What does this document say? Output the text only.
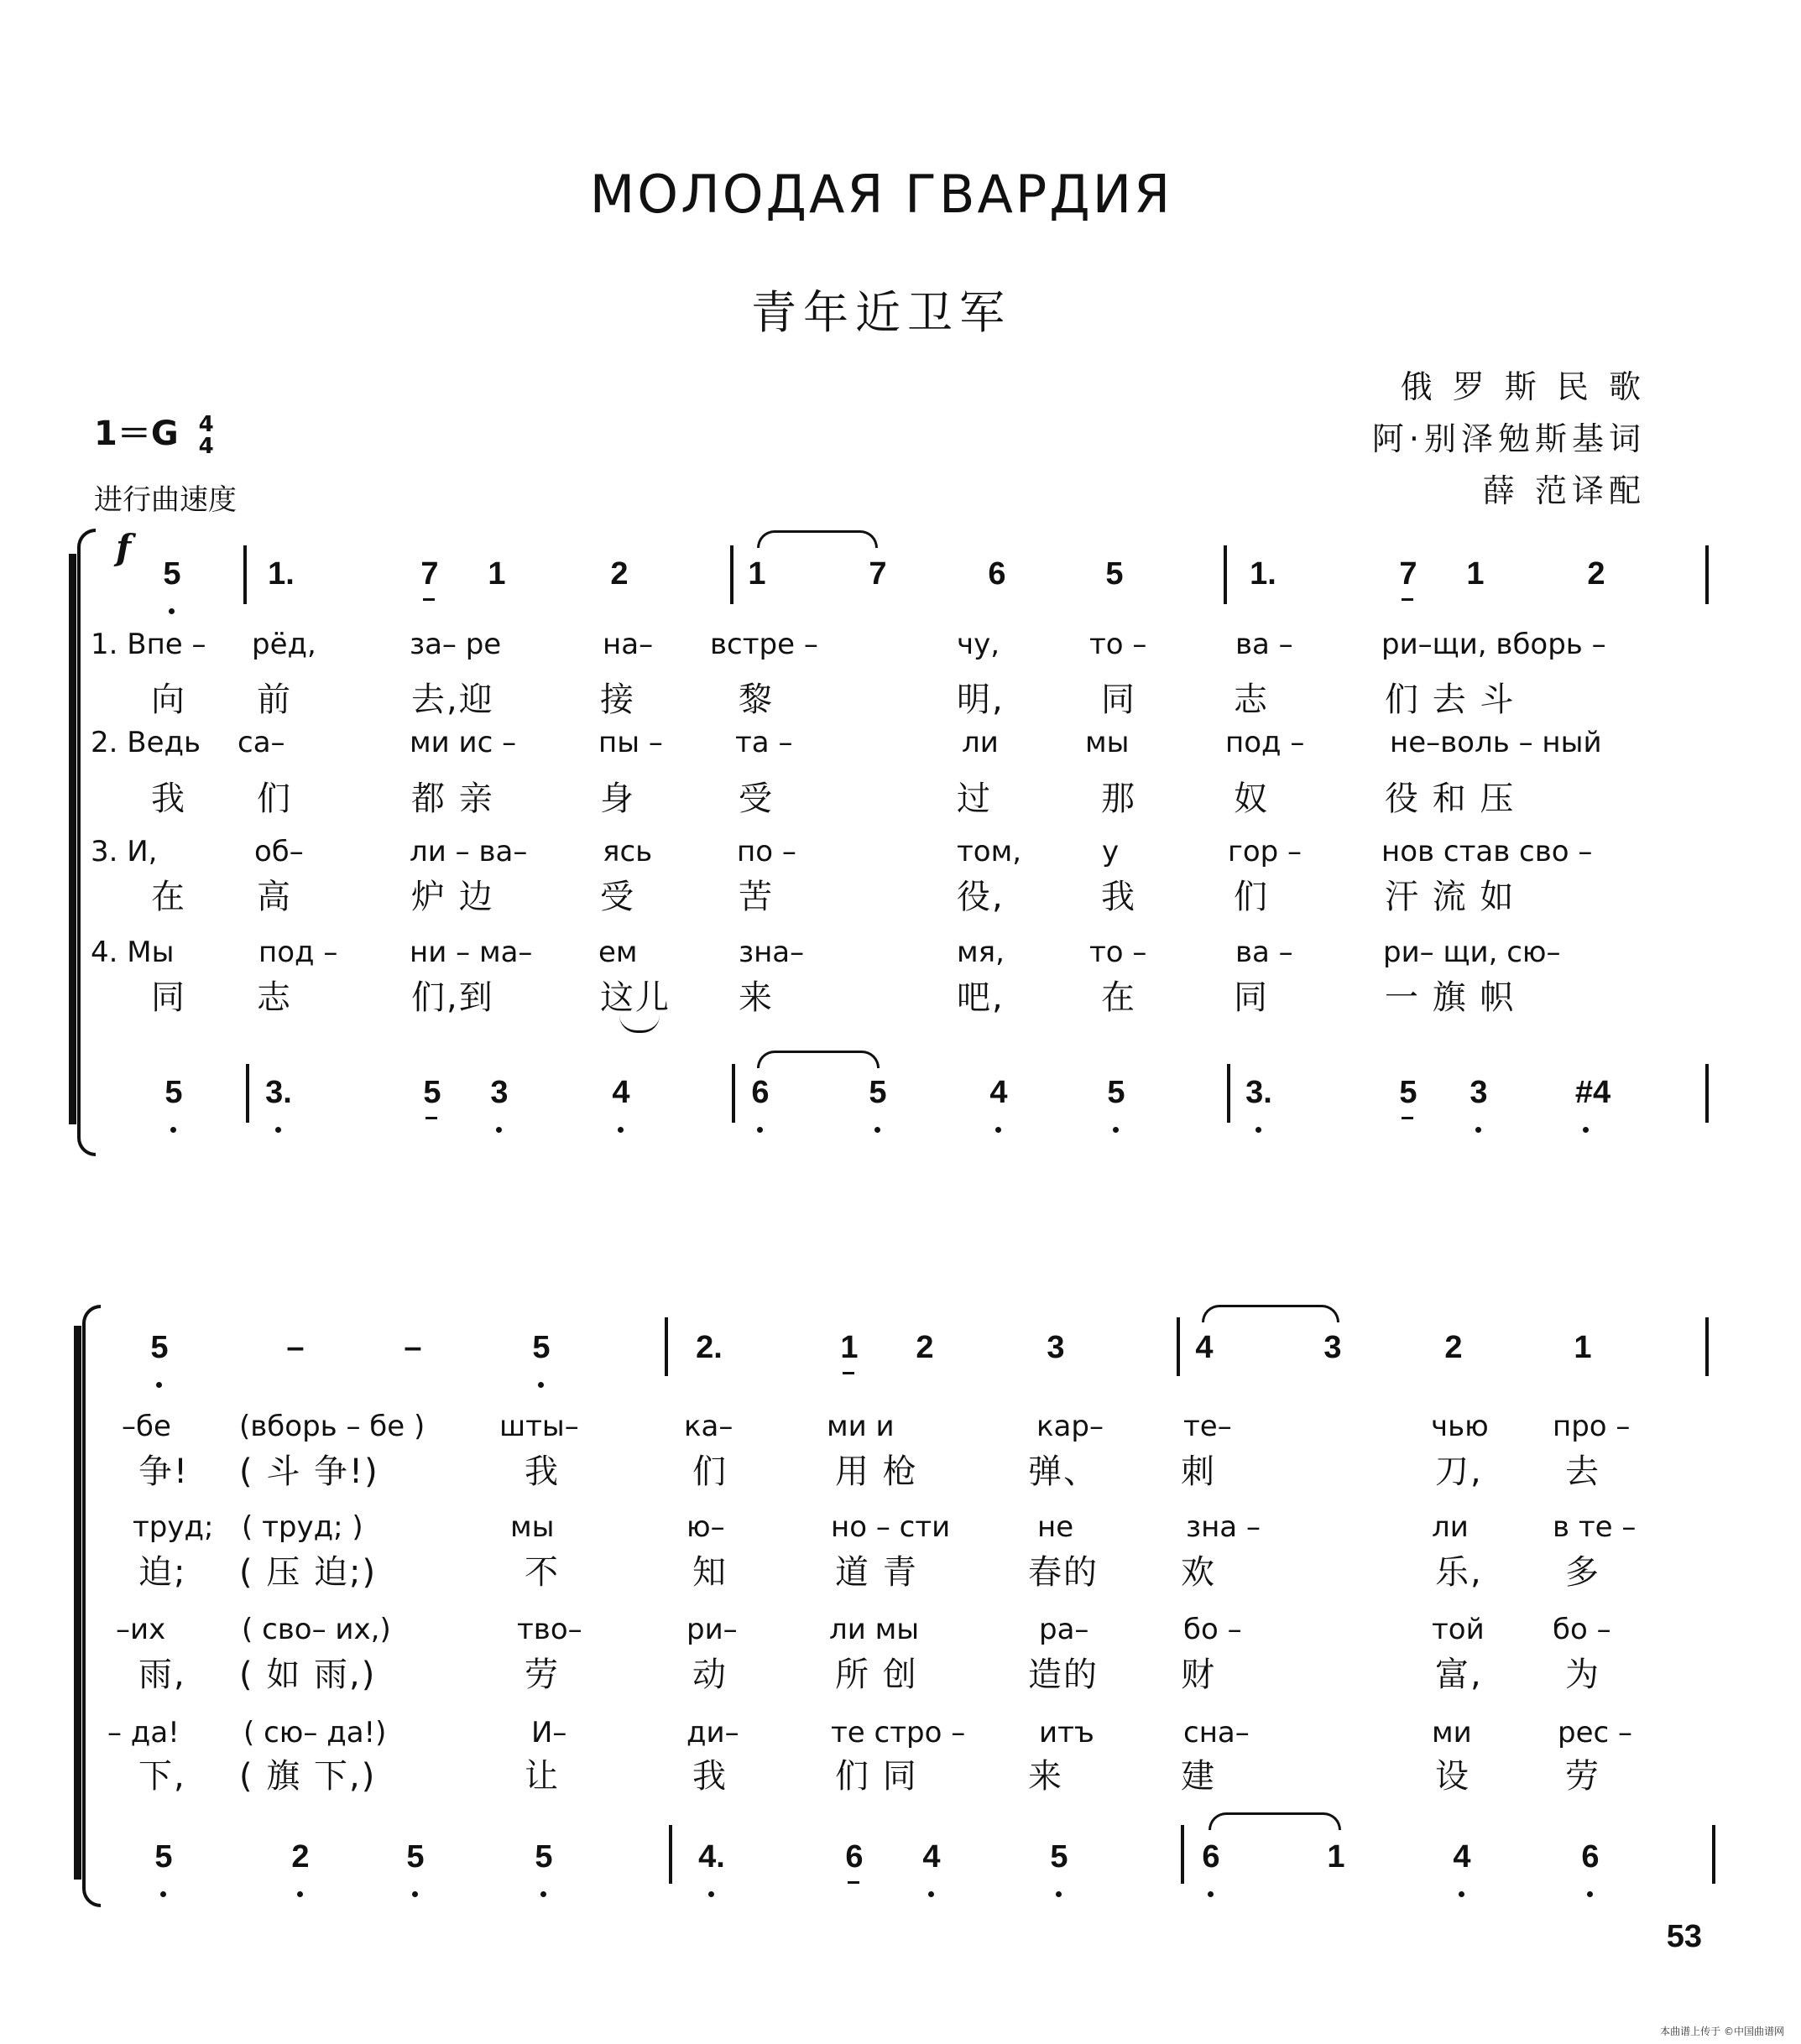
МОЛОДАЯ ГВАРДИЯ
青年近卫军
俄 罗 斯 民 歌
阿·别泽勉斯基词
薛 范译配
1＝G 4
4
进行曲速度
f
5	1.	7 1	2	1	7	6	5	1.	7 1	2
1. Впе – рёд,	за– ре	на– встре –	чу,	то –	ва –	ри–щи, вборь –
向 前	去,迎	接	黎	明,	同	志	们 去 斗
2. Ведь са–	ми ис –	пы –	та –	ли	мы	под –	не–воль – ный
我 们	都 亲	身	受	过	那	奴	役 和 压
3. И,	об–	ли – ва–	ясь	по –	том,	у	гор –	нов став сво –
在 高	炉 边	受	苦	役,	我	们	汗 流 如
4. Мы	под –	ни – ма– ем	зна–	мя,	то –	ва –	ри– щи, сю–
同 志	们,到	这儿 来	吧,	在	同	一 旗 帜
5	3.	5 3	4	6	5	4	5	3.	5 3	#4
5	–	–	5	2.	1 2	3	4	3	2	1
–бе (вборь – бе )	шты–	ка–	ми и	кар–	те–	чью про –
争! ( 斗 争!)	我	们	用 枪	弹、 刺	刀, 去
труд; ( труд; )	мы	ю–	но – сти	не	зна –	ли	в те –
迫; ( 压 迫;)	不	知	道 青	春的 欢	乐, 多
–их	( сво– их,)	тво–	ри–	ли мы	ра–	бо –	той бо –
雨, ( 如 雨,)	劳	动	所 创	造的 财	富, 为
– да! ( сю– да!)	И–	ди–	те стро –	итъ	сна–	ми	рес –
下, ( 旗 下,)	让	我	们 同	来	建	设	劳
5	2	5	5	4.	6 4	5	6	1	4	6
53
本曲谱上传于 ©中国曲谱网
